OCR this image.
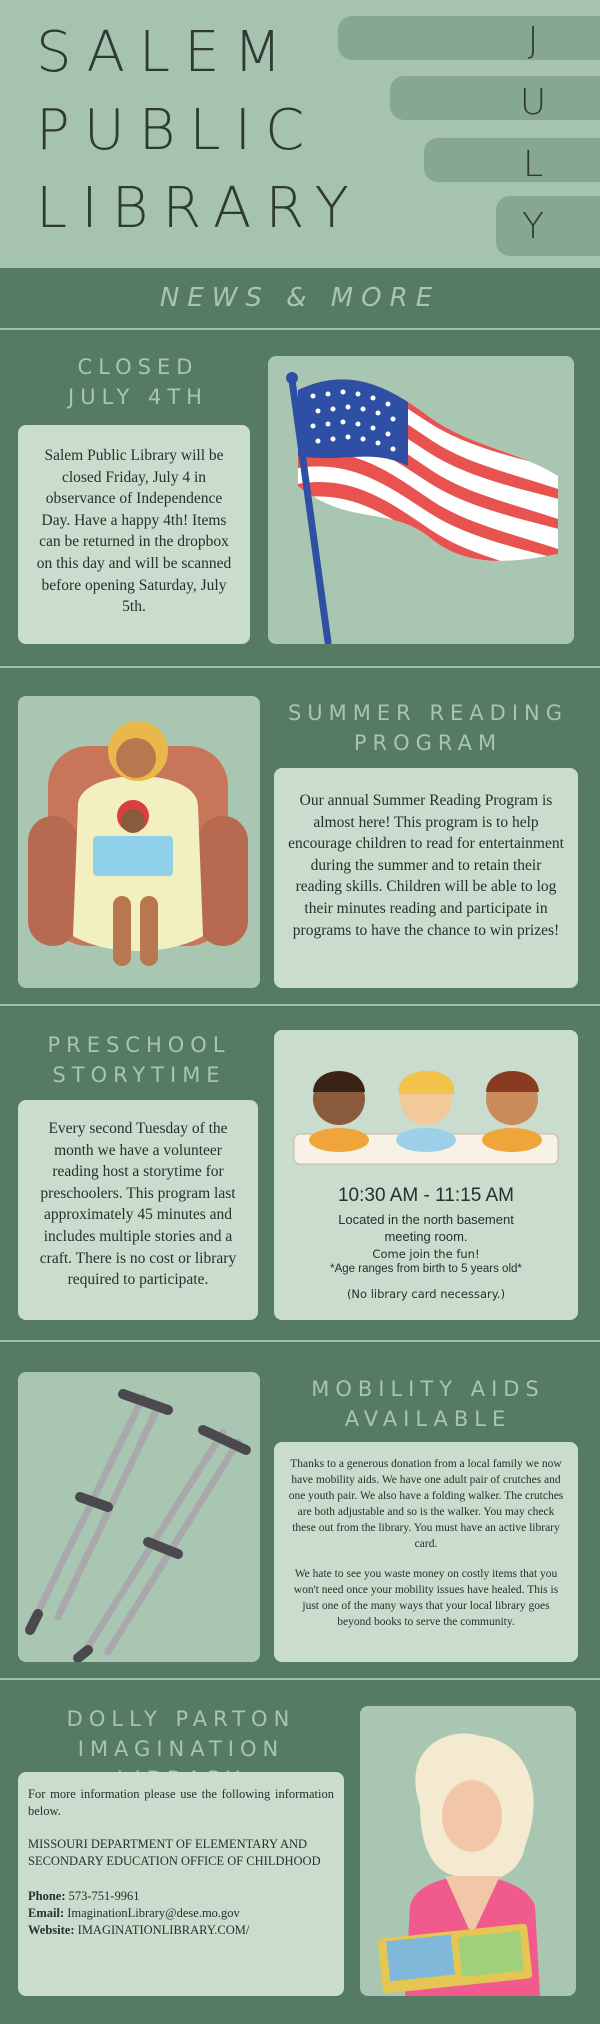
SALEM
PUBLIC
LIBRARY
J
U
L
Y
NEWS & MORE
CLOSED
JULY 4TH
Salem Public Library will be closed Friday, July 4 in observance of Independence Day. Have a happy 4th! Items can be returned in the dropbox on this day and will be scanned before opening Saturday, July 5th.
SUMMER READING
PROGRAM
Our annual Summer Reading Program is almost here! This program is to help encourage children to read for entertainment during the summer and to retain their reading skills. Children will be able to log their minutes reading and participate in programs to have the chance to win prizes!
PRESCHOOL
STORYTIME
Every second Tuesday of the month we have a volunteer reading host a storytime for preschoolers. This program last approximately 45 minutes and includes multiple stories and a craft. There is no cost or library required to participate.
10:30 AM - 11:15 AM
Located in the north basement meeting room.
Come join the fun!
*Age ranges from birth to 5 years old*
(No library card necessary.)
MOBILITY AIDS
AVAILABLE
Thanks to a generous donation from a local family we now have mobility aids. We have one adult pair of crutches and one youth pair. We also have a folding walker. The crutches are both adjustable and so is the walker. You may check these out from the library. You must have an active library card.
We hate to see you waste money on costly items that you won't need once your mobility issues have healed. This is just one of the many ways that your local library goes beyond books to serve the community.
DOLLY PARTON
IMAGINATION
For more information please use the following information below.
MISSOURI DEPARTMENT OF ELEMENTARY AND SECONDARY EDUCATION OFFICE OF CHILDHOOD
Phone: 573-751-9961
Email: ImaginationLibrary@dese.mo.gov
Website: IMAGINATIONLIBRARY.COM/
